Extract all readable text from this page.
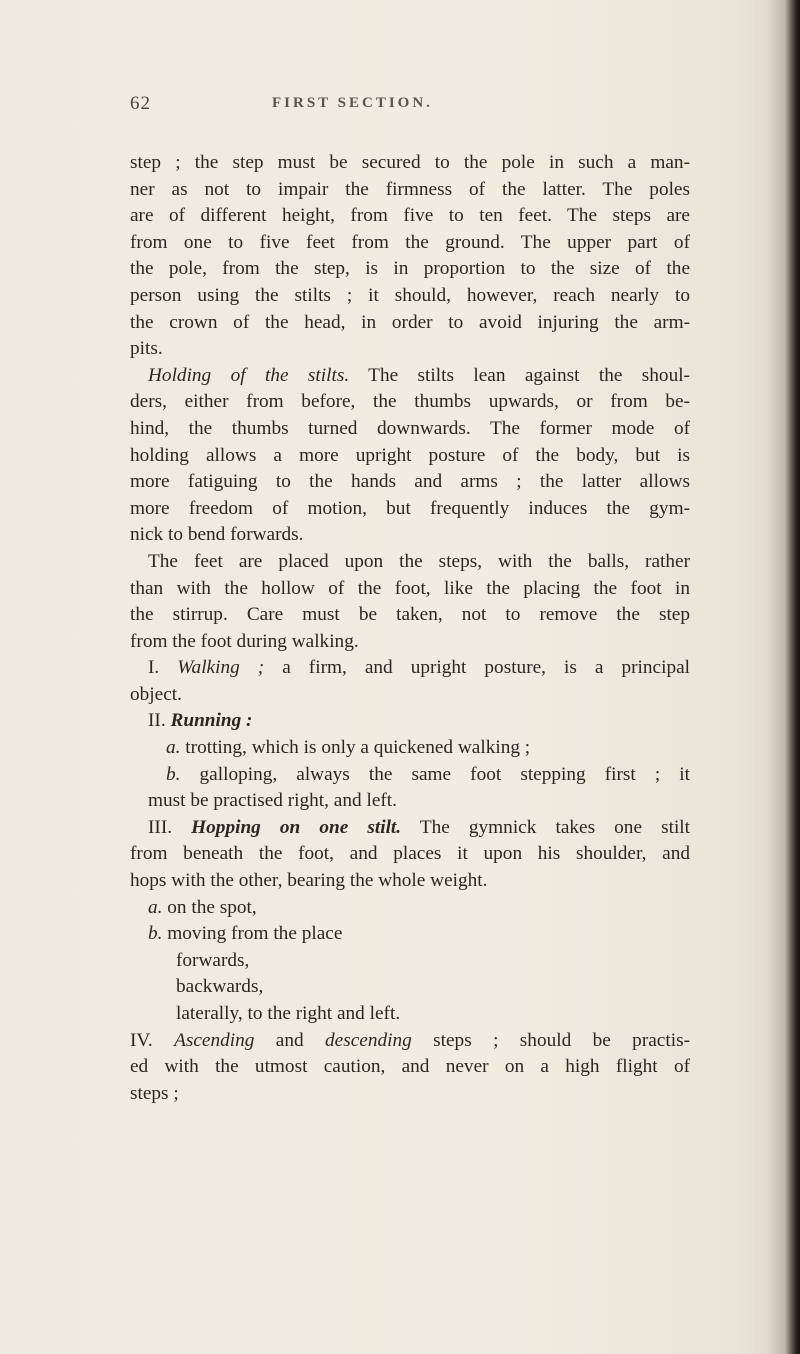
62	FIRST SECTION.
step ; the step must be secured to the pole in such a man-
ner as not to impair the firmness of the latter. The poles
are of different height, from five to ten feet. The steps are
from one to five feet from the ground. The upper part of
the pole, from the step, is in proportion to the size of the
person using the stilts ; it should, however, reach nearly to
the crown of the head, in order to avoid injuring the arm-
pits.
Holding of the stilts. The stilts lean against the shoul-
ders, either from before, the thumbs upwards, or from be-
hind, the thumbs turned downwards. The former mode of
holding allows a more upright posture of the body, but is
more fatiguing to the hands and arms ; the latter allows
more freedom of motion, but frequently induces the gym-
nick to bend forwards.
The feet are placed upon the steps, with the balls, rather
than with the hollow of the foot, like the placing the foot in
the stirrup. Care must be taken, not to remove the step
from the foot during walking.
I. Walking ; a firm, and upright posture, is a principal
object.
II. Running :
a. trotting, which is only a quickened walking ;
b. galloping, always the same foot stepping first ; it
must be practised right, and left.
III. Hopping on one stilt. The gymnick takes one stilt
from beneath the foot, and places it upon his shoulder, and
hops with the other, bearing the whole weight.
a. on the spot,
b. moving from the place
forwards,
backwards,
laterally, to the right and left.
IV. Ascending and descending steps ; should be practis-
ed with the utmost caution, and never on a high flight of
steps ;
